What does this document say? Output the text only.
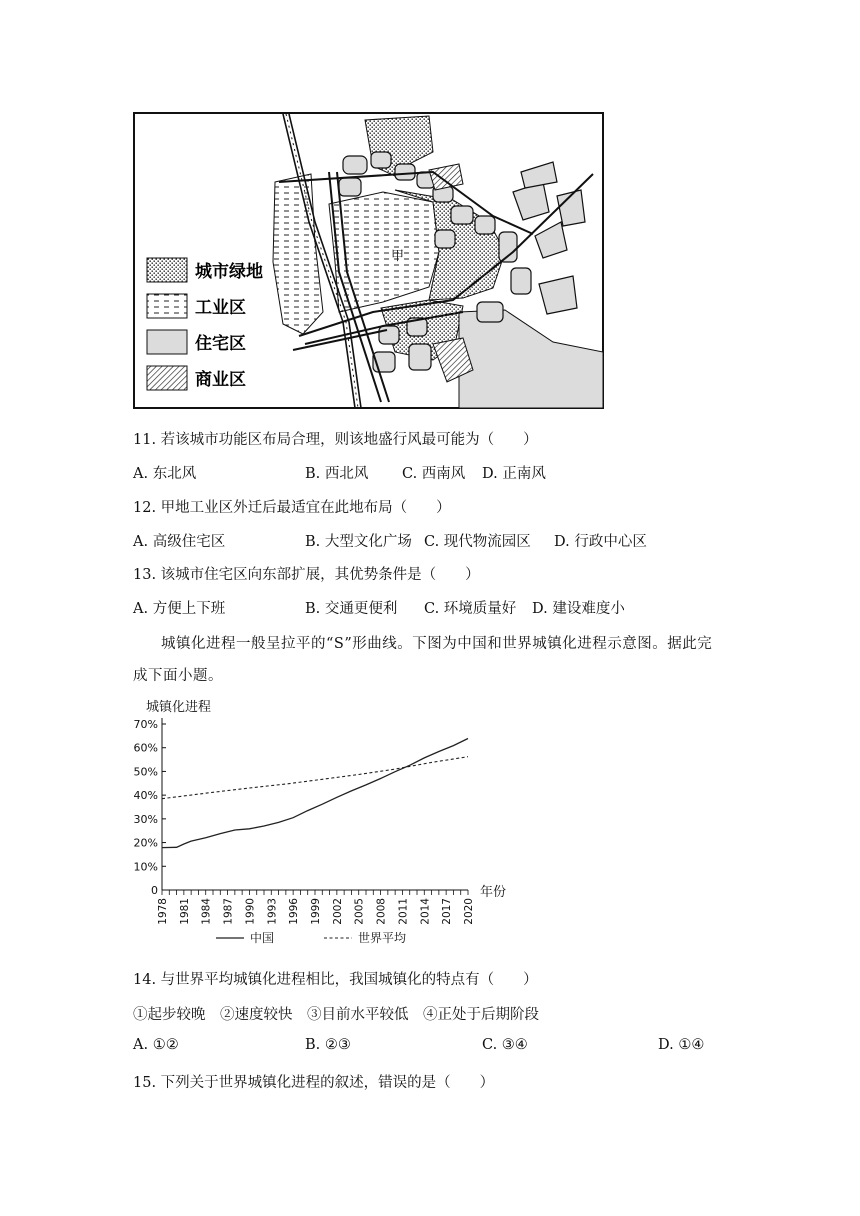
甲
城市绿地
工业区
住宅区
商业区
11. 若该城市功能区布局合理，则该地盛行风最可能为（　　）
A. 东北风	B. 西北风 C. 西南风 D. 正南风
12. 甲地工业区外迁后最适宜在此地布局（　　）
A. 高级住宅区	B. 大型文化广场 C. 现代物流园区 D. 行政中心区
13. 该城市住宅区向东部扩展，其优势条件是（　　）
A. 方便上下班	B. 交通更便利 C. 环境质量好 D. 建设难度小
城镇化进程一般呈拉平的“S”形曲线。下图为中国和世界城镇化进程示意图。据此完
成下面小题。
城镇化进程
0
10%
20%
30%
40%
50%
60%
70%
1978 1981 1984 1987 1990 1993 1996 1999 2002 2005 2008 2011 2014 2017 2020
年份
中国	世界平均
14. 与世界平均城镇化进程相比，我国城镇化的特点有（　　）
①起步较晚　②速度较快　③目前水平较低　④正处于后期阶段
A. ①②	B. ②③	C. ③④	D. ①④
15. 下列关于世界城镇化进程的叙述，错误的是（　　）
